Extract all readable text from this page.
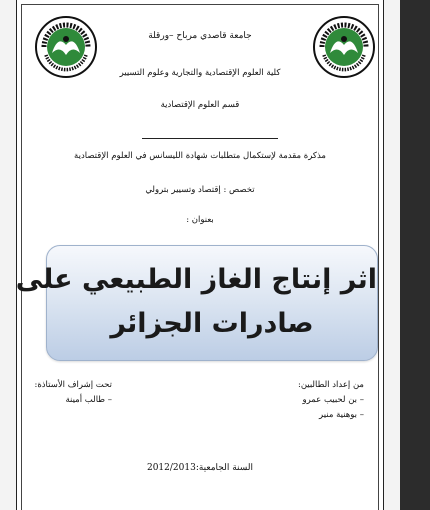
جامعة قاصدي مرباح –ورقلة
كلية العلوم الإقتصادية والتجارية وعلوم التسيير
قسم العلوم الإقتصادية
مذكرة مقدمة لإستكمال متطلبات شهادة الليسانس في العلوم الإقتصادية
تخصص : إقتصاد وتسيير بترولي
بعنوان :
اثر إنتاج الغاز الطبيعي على
صادرات الجزائر
من إعداد الطالبين:
– بن لحبيب عمرو
– بوهنية منير
تحت إشراف الأستاذة:
– طالب أمينة
السنة الجامعية:2012/2013
